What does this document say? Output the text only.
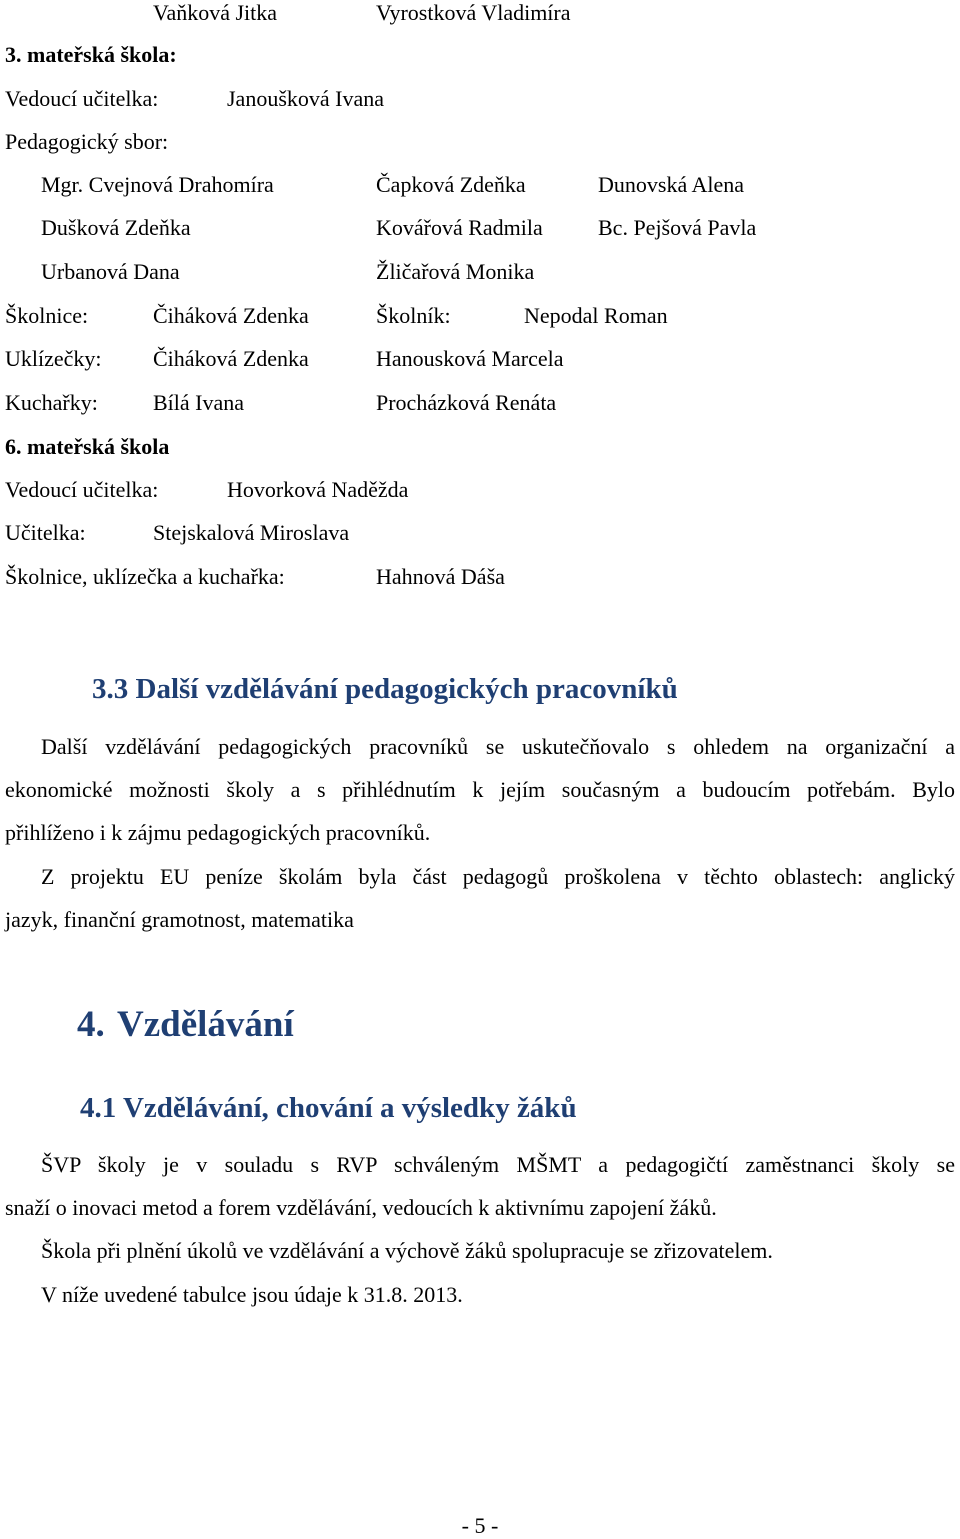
Vaňková Jitka	Vyrostková Vladimíra
3. mateřská škola:
Vedoucí učitelka:	Janoušková Ivana
Pedagogický sbor:
Mgr. Cvejnová Drahomíra	Čapková Zdeňka	Dunovská Alena
Dušková Zdeňka	Kovářová Radmila	Bc. Pejšová Pavla
Urbanová Dana	Žličařová Monika
Školnice:	Čiháková Zdenka	Školník:	Nepodal Roman
Uklízečky: Čiháková Zdenka	Hanousková Marcela
Kuchařky:	Bílá Ivana	Procházková Renáta
6. mateřská škola
Vedoucí učitelka:	Hovorková Naděžda
Učitelka:	Stejskalová Miroslava
Školnice, uklízečka a kuchařka:	Hahnová Dáša
3.3 Další vzdělávání pedagogických pracovníků
Další vzdělávání pedagogických pracovníků se uskutečňovalo s ohledem na organizační a
ekonomické možnosti školy a s přihlédnutím k jejím současným a budoucím potřebám. Bylo
přihlíženo i k zájmu pedagogických pracovníků.
Z projektu EU peníze školám byla část pedagogů proškolena v těchto oblastech: anglický
jazyk, finanční gramotnost, matematika
4. Vzdělávání
4.1 Vzdělávání, chování a výsledky žáků
ŠVP školy je v souladu s RVP schváleným MŠMT a pedagogičtí zaměstnanci školy se
snaží o inovaci metod a forem vzdělávání, vedoucích k aktivnímu zapojení žáků.
Škola při plnění úkolů ve vzdělávání a výchově žáků spolupracuje se zřizovatelem.
V níže uvedené tabulce jsou údaje k 31.8. 2013.
- 5 -
